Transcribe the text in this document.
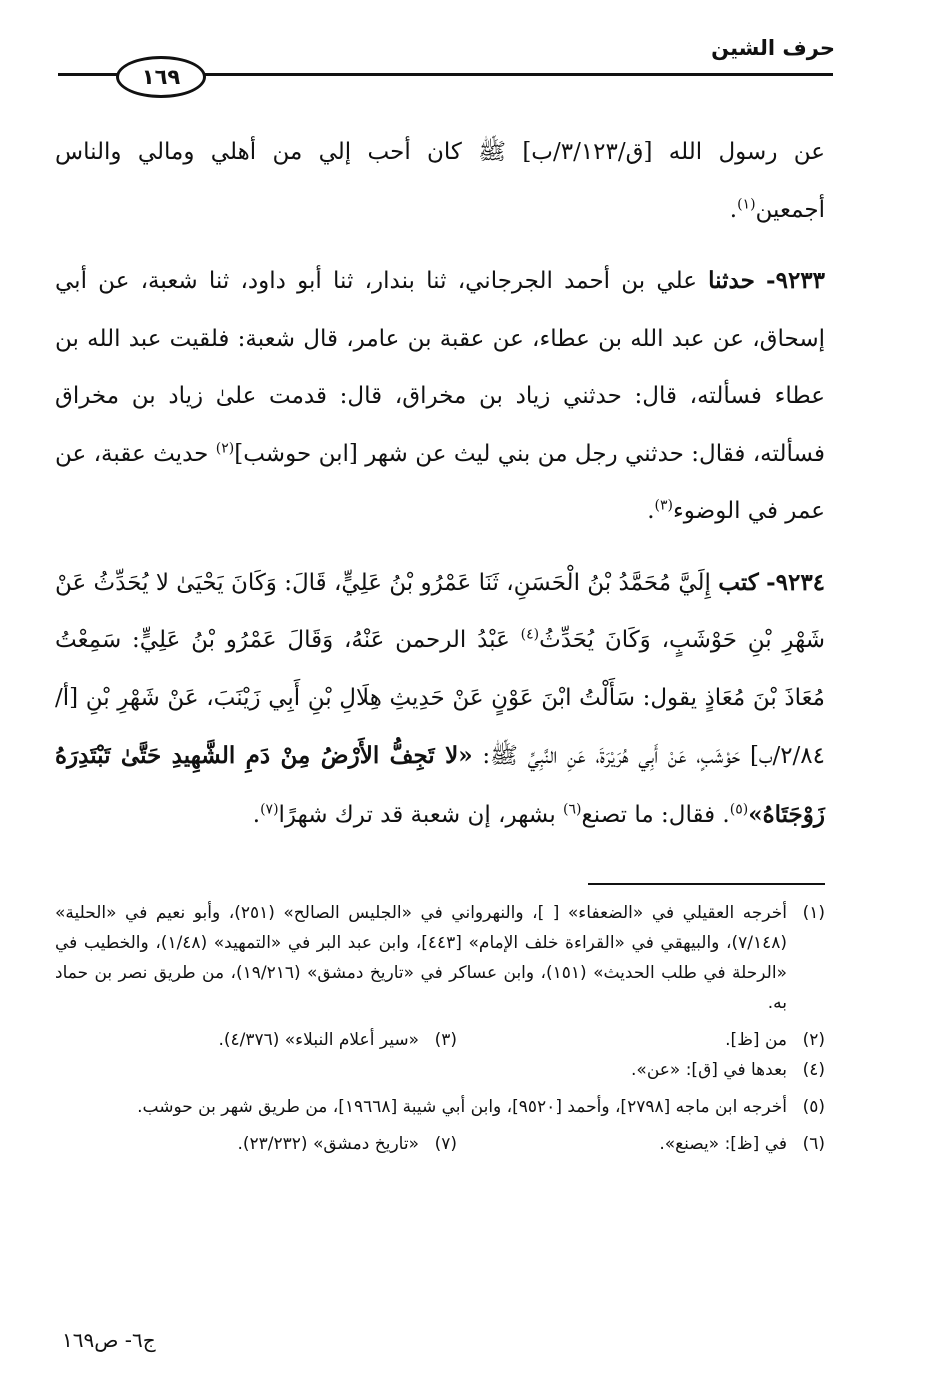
حرف الشين
١٦٩

عن رسول الله [ق/٣/١٢٣/ب] ﷺ كان أحب إلي من أهلي ومالي والناس أجمعين$^{(١)}$.

٩٢٣٣- حدثنا علي بن أحمد الجرجاني، ثنا بندار، ثنا أبو داود، ثنا شعبة، عن أبي إسحاق، عن عبد الله بن عطاء، عن عقبة بن عامر، قال شعبة: فلقيت عبد الله بن عطاء فسألته، قال: حدثني زياد بن مخراق، قال: قدمت علىٰ زياد بن مخراق فسألته، فقال: حدثني رجل من بني ليث عن شهر [ابن حوشب]$^{(٢)}$ حديث عقبة، عن عمر في الوضوء$^{(٣)}$.

٩٢٣٤- كتب إِلَيَّ مُحَمَّدُ بْنُ الْحَسَنِ، ثَنَا عَمْرُو بْنُ عَلِيٍّ، قَالَ: وَكَانَ يَحْيَىٰ لا يُحَدِّثُ عَنْ شَهْرِ بْنِ حَوْشَبٍ، وَكَانَ يُحَدِّثُ$^{(٤)}$ عَبْدُ الرحمن عَنْهُ، وَقَالَ عَمْرُو بْنُ عَلِيٍّ: سَمِعْتُ مُعَاذَ بْنَ مُعَاذٍ يقول: سَأَلْتُ ابْنَ عَوْنٍ عَنْ حَدِيثِ هِلَالِ بْنِ أَبِي زَيْنَبَ، عَنْ شَهْرِ بْنِ [أ/٢/٨٤/ب] حَوْشَبٍ، عَنْ أَبِي هُرَيْرَةَ، عَنِ النَّبِيِّ ﷺ: «لا تَجِفُّ الأَرْضُ مِنْ دَمِ الشَّهِيدِ حَتَّىٰ تَبْتَدِرَهُ زَوْجَتَاهُ»$^{(٥)}$. فقال: ما تصنع$^{(٦)}$ بشهر، إن شعبة قد ترك شهرًا$^{(٧)}$.

(١)
أخرجه العقيلي في «الضعفاء» [ ]، والنهرواني في «الجليس الصالح» (٢٥١)، وأبو نعيم في «الحلية» (٧/١٤٨)، والبيهقي في «القراءة خلف الإمام» [٤٤٣]، وابن عبد البر في «التمهيد» (١/٤٨)، والخطيب في «الرحلة في طلب الحديث» (١٥١)، وابن عساكر في «تاريخ دمشق» (١٩/٢١٦)، من طريق نصر بن حماد به.

(٢)
من [ظ].

(٣)
«سير أعلام النبلاء» (٤/٣٧٦).

(٤)
بعدها في [ق]: «عن».

(٥)
أخرجه ابن ماجه [٢٧٩٨]، وأحمد [٩٥٢٠]، وابن أبي شيبة [١٩٦٦٨]، من طريق شهر بن حوشب.

(٦)
في [ظ]: «يصنع».

(٧)
«تاريخ دمشق» (٢٣/٢٣٢).

ج٦- ص١٦٩
